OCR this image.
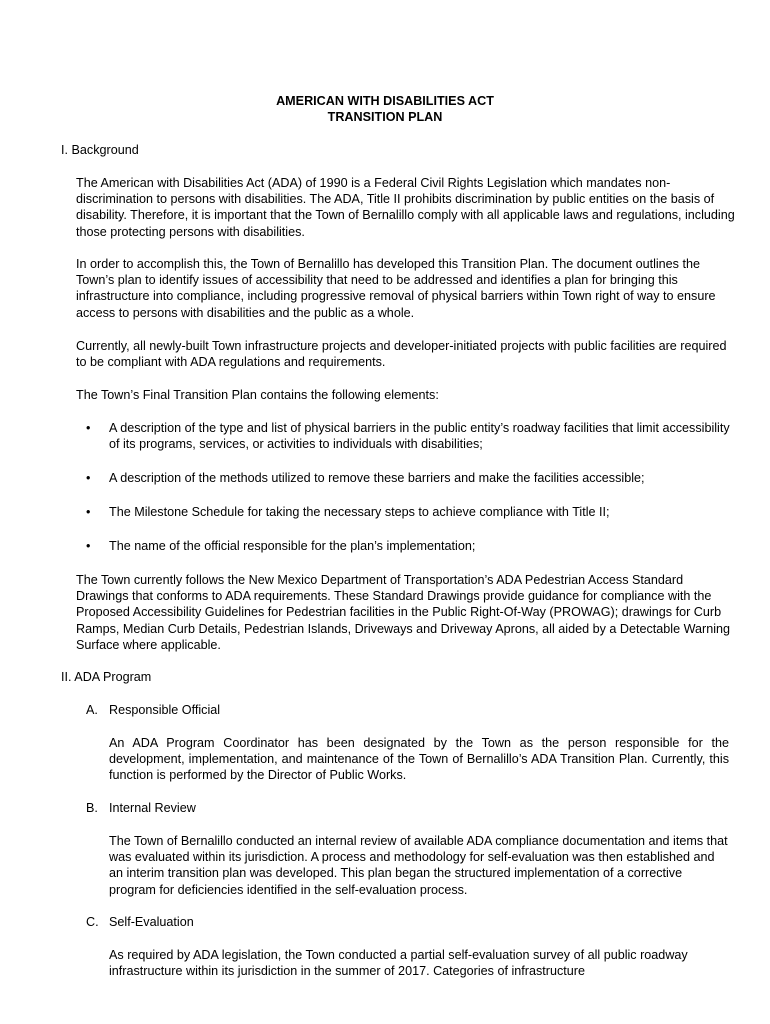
AMERICAN WITH DISABILITIES ACT
TRANSITION PLAN
I. Background

The American with Disabilities Act (ADA) of 1990 is a Federal Civil Rights Legislation which mandates non-discrimination to persons with disabilities. The ADA, Title II prohibits discrimination by public entities on the basis of disability. Therefore, it is important that the Town of Bernalillo comply with all applicable laws and regulations, including those protecting persons with disabilities.

In order to accomplish this, the Town of Bernalillo has developed this Transition Plan. The document outlines the Town’s plan to identify issues of accessibility that need to be addressed and identifies a plan for bringing this infrastructure into compliance, including progressive removal of physical barriers within Town right of way to ensure access to persons with disabilities and the public as a whole.

Currently, all newly-built Town infrastructure projects and developer-initiated projects with public facilities are required to be compliant with ADA regulations and requirements.

The Town’s Final Transition Plan contains the following elements:

• A description of the type and list of physical barriers in the public entity’s roadway facilities that limit accessibility of its programs, services, or activities to individuals with disabilities;
• A description of the methods utilized to remove these barriers and make the facilities accessible;
• The Milestone Schedule for taking the necessary steps to achieve compliance with Title II;
• The name of the official responsible for the plan’s implementation;

The Town currently follows the New Mexico Department of Transportation’s ADA Pedestrian Access Standard Drawings that conforms to ADA requirements. These Standard Drawings provide guidance for compliance with the Proposed Accessibility Guidelines for Pedestrian facilities in the Public Right-Of-Way (PROWAG); drawings for Curb Ramps, Median Curb Details, Pedestrian Islands, Driveways and Driveway Aprons, all aided by a Detectable Warning Surface where applicable.

II. ADA Program
A. Responsible Official
An ADA Program Coordinator has been designated by the Town as the person responsible for the development, implementation, and maintenance of the Town of Bernalillo’s ADA Transition Plan. Currently, this function is performed by the Director of Public Works.
B. Internal Review
The Town of Bernalillo conducted an internal review of available ADA compliance documentation and items that was evaluated within its jurisdiction. A process and methodology for self-evaluation was then established and an interim transition plan was developed. This plan began the structured implementation of a corrective program for deficiencies identified in the self-evaluation process.
C. Self-Evaluation
As required by ADA legislation, the Town conducted a partial self-evaluation survey of all public roadway infrastructure within its jurisdiction in the summer of 2017. Categories of infrastructure
